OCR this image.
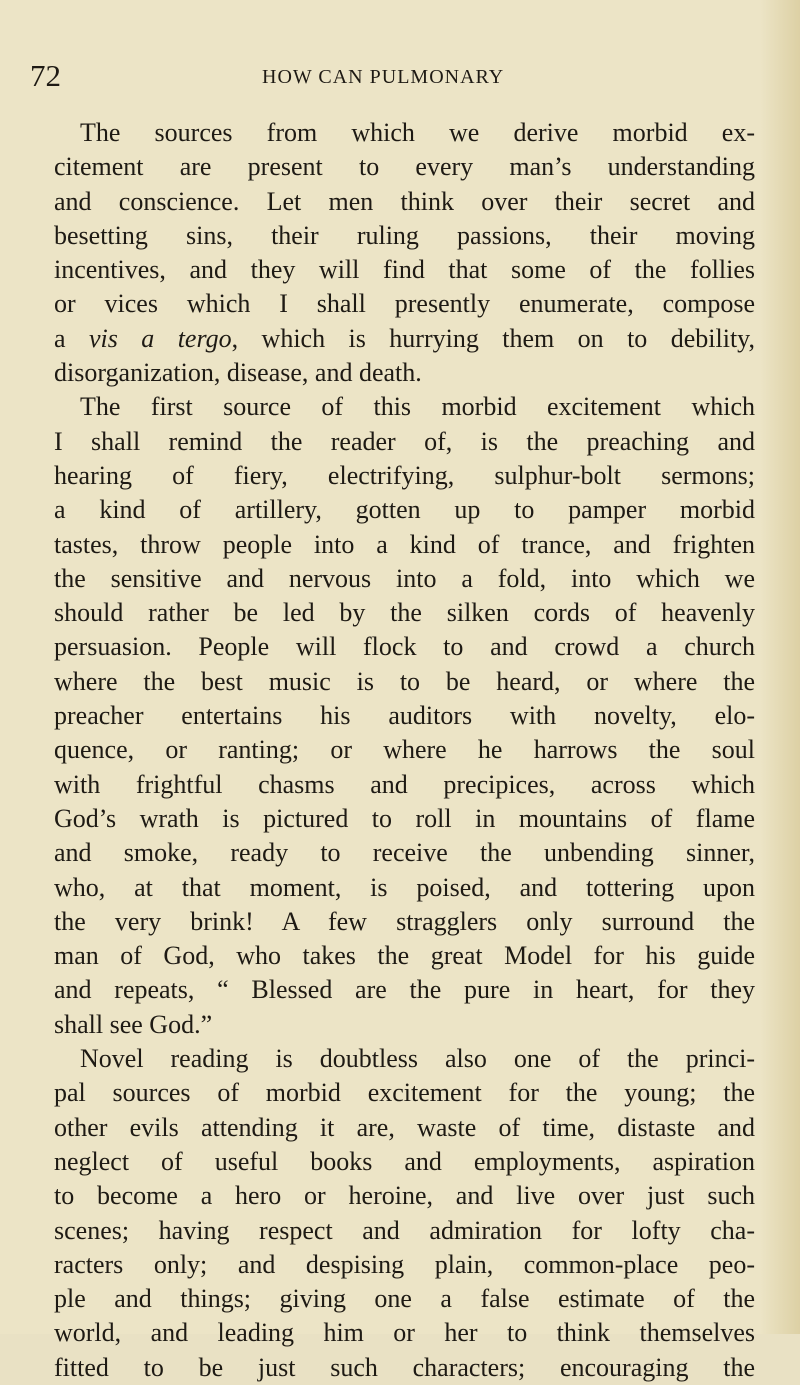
72	HOW CAN PULMONARY
The sources from which we derive morbid ex-
citement are present to every man’s understanding
and conscience. Let men think over their secret and
besetting sins, their ruling passions, their moving
incentives, and they will find that some of the follies
or vices which I shall presently enumerate, compose
a vis a tergo, which is hurrying them on to debility,
disorganization, disease, and death.
The first source of this morbid excitement which
I shall remind the reader of, is the preaching and
hearing of fiery, electrifying, sulphur-bolt sermons;
a kind of artillery, gotten up to pamper morbid
tastes, throw people into a kind of trance, and frighten
the sensitive and nervous into a fold, into which we
should rather be led by the silken cords of heavenly
persuasion. People will flock to and crowd a church
where the best music is to be heard, or where the
preacher entertains his auditors with novelty, elo-
quence, or ranting; or where he harrows the soul
with frightful chasms and precipices, across which
God’s wrath is pictured to roll in mountains of flame
and smoke, ready to receive the unbending sinner,
who, at that moment, is poised, and tottering upon
the very brink! A few stragglers only surround the
man of God, who takes the great Model for his guide
and repeats, “ Blessed are the pure in heart, for they
shall see God.”
Novel reading is doubtless also one of the princi-
pal sources of morbid excitement for the young; the
other evils attending it are, waste of time, distaste and
neglect of useful books and employments, aspiration
to become a hero or heroine, and live over just such
scenes; having respect and admiration for lofty cha-
racters only; and despising plain, common-place peo-
ple and things; giving one a false estimate of the
world, and leading him or her to think themselves
fitted to be just such characters; encouraging the
